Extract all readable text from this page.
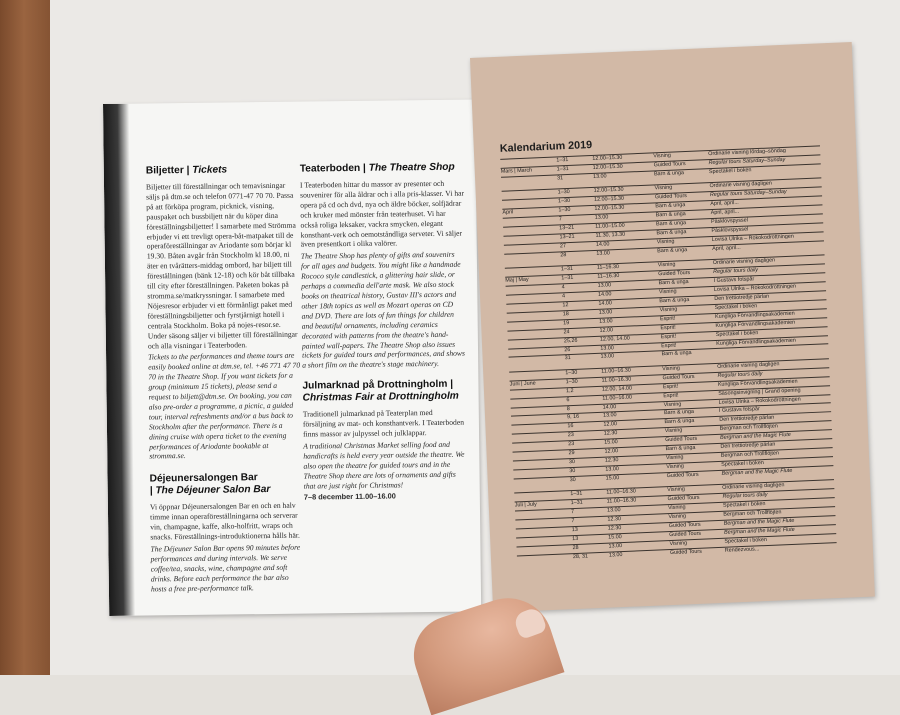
Biljetter | Tickets

Biljetter till föreställningar och temavisningar säljs på dtm.se och telefon 0771-47 70 70. Passa på att förköpa program, picknick, visning, pauspaket och bussbiljett när du köper dina föreställningsbiljetter! I samarbete med Strömma erbjuder vi ett trevligt opera-båt-matpaket till de operaföreställningar av Ariodante som börjar kl 19.30. Båten avgår från Stockholm kl 18.00, ni äter en tvårätters-middag ombord, har biljett till föreställningen (bänk 12-18) och kör båt tillbaka till city efter föreställningen. Paketen bokas på stromma.se/matkryssningar. I samarbete med Nöjesresor erbjuder vi ett förmånligt paket med föreställningsbiljetter och fyrstjärnigt hotell i centrala Stockholm. Boka på nojes-resor.se. Under säsong säljer vi biljetter till föreställningar och alla visningar i Teaterboden.

Tickets to the performances and theme tours are easily booked online at dtm.se, tel. +46 771 47 70 70 in the Theatre Shop. If you want tickets for a group (minimum 15 tickets), please send a request to biljett@dtm.se. On booking, you can also pre-order a programme, a picnic, a guided tour, interval refreshments and/or a bus back to Stockholm after the performance. There is a dining cruise with opera ticket to the evening performances of Ariodante bookable at stromma.se.

Déjeunersalongen Bar
| The Déjeuner Salon Bar

Vi öppnar Déjeunersalongen Bar en och en halv timme innan operaföreställningarna och serverar vin, champagne, kaffe, alko-holfritt, wraps och snacks. Föreställnings-introduktionerna hålls här.

The Déjeuner Salon Bar opens 90 minutes before performances and during intervals. We serve coffee/tea, snacks, wine, champagne and soft drinks. Before each performance the bar also hosts a free pre-performance talk.

Teaterboden | The Theatre Shop

I Teaterboden hittar du massor av presenter och souvenirer för alla åldrar och i alla pris-klasser. Vi har opera på cd och dvd, nya och äldre böcker, solfjädrar och kruker med mönster från teaterhuset. Vi har också roliga leksaker, vackra smycken, elegant konsthant-verk och oemotståndliga serveter. Vi säljer även presentkort i olika valörer.

The Theatre Shop has plenty of gifts and souvenirs for all ages and budgets. You might like a handmade Rococo style candlestick, a glittering hair slide, or perhaps a commedia dell'arte mask. We also stock books on theatrical history, Gustav III's actors and other 18th topics as well as Mozart operas on CD and DVD. There are lots of fun things for children and beautiful ornaments, including ceramics decorated with patterns from the theatre's hand-painted wall-papers. The Theatre Shop also issues tickets for guided tours and performances, and shows a short film on the theatre's stage machinery.

Julmarknad på Drottningholm |
Christmas Fair at Drottningholm

Traditionell julmarknad på Teaterplan med försäljning av mat- och konsthantverk. I Teaterboden finns massor av julpyssel och julklappar.

A traditional Christmas Market selling food and handicrafts is held every year outside the theatre. We also open the theatre for guided tours and in the Theatre Shop there are lots of ornaments and gifts that are just right for Christmas!

7–8 december 11.00–16.00

Kalendarium 2019
1–31	12.00–15.30	Visning	Ordinarie visning lördag–söndag
Mars | March	1–31	12.00–15.30	Guided Tours	Regular tours Saturday–Sunday
31	13.00	Barn & unga	Spectakel i boken
1–30	12.00–15.30	Visning	Ordinarie visning dagligen
1–30	12.00–15.30	Guided Tours	Regular tours Saturday–Sunday
April	1–30	12.00–15.30	Barn & unga	April, april...
7	13.00	Barn & unga	April, april...
13–21	11.00–15.00	Barn & unga	Påsklovspyssel
13–21	11.30, 13.30	Barn & unga	Påsklovspyssel
27	14.00	Visning	Lovisa Ulrika – Rokokodrottningen
28	13.00	Barn & unga	April, april...
1–31	11–16.30	Visning	Ordinarie visning dagligen
Maj | May	1–31	11–16.30	Guided Tours	Regular tours daily
4	13.00	Barn & unga	I Gustavs fotspår
4	14.00	Visning	Lovisa Ulrika – Rokokodrottningen
12	14.00	Barn & unga	Den trettiotredje pärlan
18	13.00	Visning	Spectakel i boken
19	13.00	Esprit!	Kungliga Förvandlingsakademien
24	12.00	Esprit!	Kungliga Förvandlingsakademien
25,26	12.00, 14.00	Esprit!	Spectakel i boken
26	13.00	Esprit!	Kungliga Förvandlingsakademien
31	13.00	Barn & unga
1–30	11.00–16.30	Visning	Ordinarie visning dagligen
Juni | June	1–30	11.00–16.30	Guided Tours	Regular tours daily
1,2	12.00, 14.00	Esprit!	Kungliga Förvandlingsakademien
6	11.00–16.00	Esprit!	Säsongsinvigning | Grand opening
8	14.00	Visning	Lovisa Ulrika – Rokokodrottningen
9, 16	13.00	Barn & unga	I Gustavs fotspår
16	12.00	Barn & unga	Den trettiotredje pärlan
23	12.30	Visning	Bergman och Trollflöjten
23	15.00	Guided Tours	Bergman and the Magic Flute
29	12.00	Barn & unga	Den trettiotredje pärlan
30	12.30	Visning	Bergman och Trollflöjten
30	13.00	Visning	Spectakel i boken
30	15.00	Guided Tours	Bergman and the Magic Flute
1–31	11.00–16.30	Visning	Ordinarie visning dagligen
Juli | July	1–31	11.00–16.30	Guided Tours	Regular tours daily
7	13.00	Visning	Spectakel i boken
7	12.30	Visning	Bergman och Trollflöjten
13	12.30	Guided Tours	Bergman and the Magic Flute
13	15.00	Guided Tours	Bergman and the Magic Flute
28	13.00	Visning	Spectakel i boken
28, 31	13.00	Guided Tours	Rendezvous...
